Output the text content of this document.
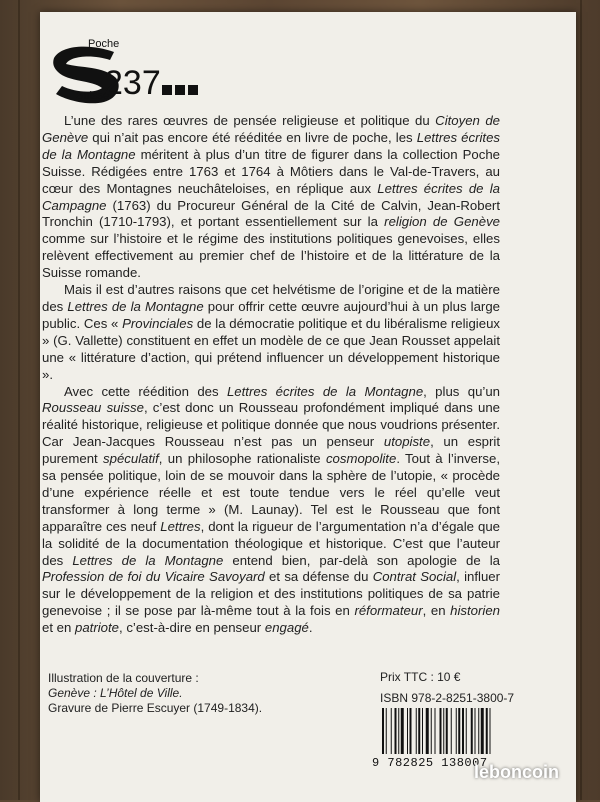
Poche
Suisse
237

L’une des rares œuvres de pensée religieuse et politique du Citoyen de Genève qui n’ait pas encore été rééditée en livre de poche, les Lettres écrites de la Montagne méritent à plus d’un titre de figurer dans la collection Poche Suisse. Rédigées entre 1763 et 1764 à Môtiers dans le Val-de-Travers, au cœur des Montagnes neuchâteloises, en réplique aux Lettres écrites de la Campagne (1763) du Procureur Général de la Cité de Calvin, Jean-Robert Tronchin (1710-1793), et portant essentiellement sur la religion de Genève comme sur l’histoire et le régime des institutions politiques genevoises, elles relèvent effectivement au premier chef de l’histoire et de la littérature de la Suisse romande.

Mais il est d’autres raisons que cet helvétisme de l’origine et de la matière des Lettres de la Montagne pour offrir cette œuvre aujourd’hui à un plus large public. Ces « Provinciales de la démocratie politique et du libéralisme religieux » (G. Vallette) constituent en effet un modèle de ce que Jean Rousset appelait une « littérature d’action, qui prétend influencer un développement historique ».

Avec cette réédition des Lettres écrites de la Montagne, plus qu’un Rousseau suisse, c’est donc un Rousseau profondément impliqué dans une réalité historique, religieuse et politique donnée que nous voudrions présenter. Car Jean-Jacques Rousseau n’est pas un penseur utopiste, un esprit purement spéculatif, un philosophe rationaliste cosmopolite. Tout à l’inverse, sa pensée politique, loin de se mouvoir dans la sphère de l’utopie, « procède d’une expérience réelle et est toute tendue vers le réel qu’elle veut transformer à long terme » (M. Launay). Tel est le Rousseau que font apparaître ces neuf Lettres, dont la rigueur de l’argumentation n’a d’égale que la solidité de la documentation théologique et historique. C’est que l’auteur des Lettres de la Montagne entend bien, par-delà son apologie de la Profession de foi du Vicaire Savoyard et sa défense du Contrat Social, influer sur le développement de la religion et des institutions politiques de sa patrie genevoise ; il se pose par là-même tout à la fois en réformateur, en historien et en patriote, c’est-à-dire en penseur engagé.

Illustration de la couverture :
Genève : L’Hôtel de Ville.
Gravure de Pierre Escuyer (1749-1834).
Prix TTC : 10 €
ISBN 978-2-8251-3800-7
9 782825 138007
leboncoin
